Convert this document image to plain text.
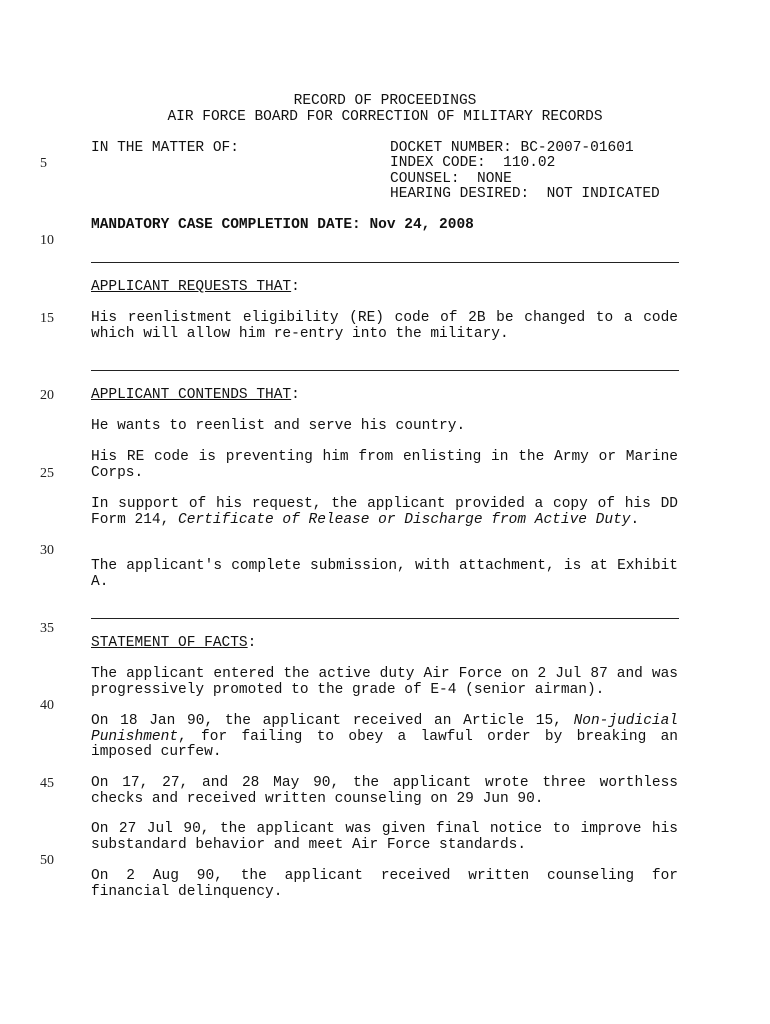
RECORD OF PROCEEDINGS
AIR FORCE BOARD FOR CORRECTION OF MILITARY RECORDS
IN THE MATTER OF:	DOCKET NUMBER: BC-2007-01601
INDEX CODE:  110.02
COUNSEL:  NONE
HEARING DESIRED:  NOT INDICATED
MANDATORY CASE COMPLETION DATE: Nov 24, 2008
5
10
15
20
25
30
35
40
45
50
APPLICANT REQUESTS THAT:
His reenlistment eligibility (RE) code of 2B be changed to a code which will allow him re-entry into the military.
APPLICANT CONTENDS THAT:
He wants to reenlist and serve his country.
His RE code is preventing him from enlisting in the Army or Marine Corps.
In support of his request, the applicant provided a copy of his DD Form 214, Certificate of Release or Discharge from Active Duty.
The applicant's complete submission, with attachment, is at Exhibit A.
STATEMENT OF FACTS:
The applicant entered the active duty Air Force on 2 Jul 87 and was progressively promoted to the grade of E-4 (senior airman).
On 18 Jan 90, the applicant received an Article 15, Non-judicial Punishment, for failing to obey a lawful order by breaking an imposed curfew.
On 17, 27, and 28 May 90, the applicant wrote three worthless checks and received written counseling on 29 Jun 90.
On 27 Jul 90, the applicant was given final notice to improve his substandard behavior and meet Air Force standards.
On 2 Aug 90, the applicant received written counseling for financial delinquency.
